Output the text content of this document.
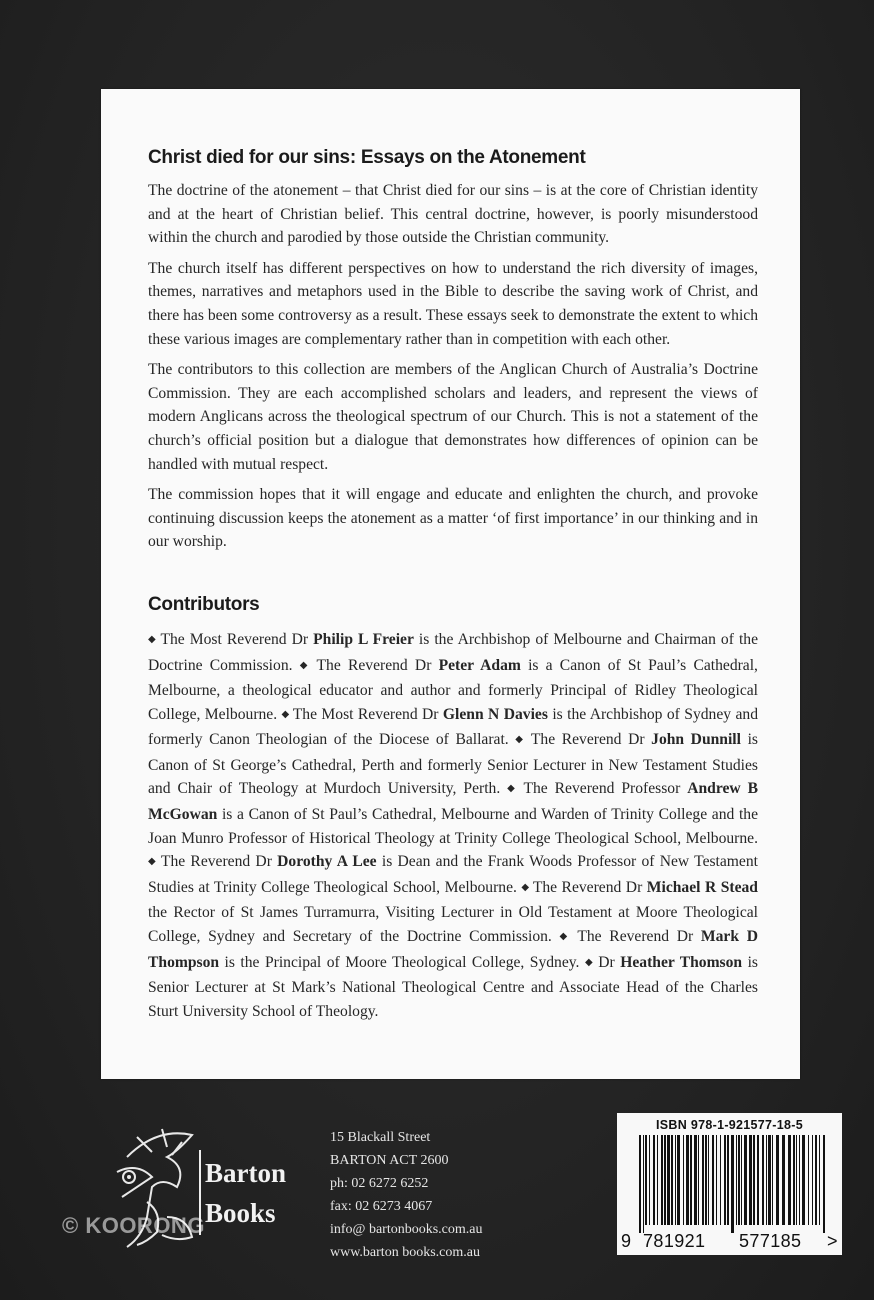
Christ died for our sins: Essays on the Atonement

The doctrine of the atonement – that Christ died for our sins – is at the core of Christian identity and at the heart of Christian belief. This central doctrine, however, is poorly misunderstood within the church and parodied by those outside the Christian community.

The church itself has different perspectives on how to understand the rich diversity of images, themes, narratives and metaphors used in the Bible to describe the saving work of Christ, and there has been some controversy as a result. These essays seek to demonstrate the extent to which these various images are complementary rather than in competition with each other.

The contributors to this collection are members of the Anglican Church of Australia’s Doctrine Commission. They are each accomplished scholars and leaders, and represent the views of modern Anglicans across the theological spectrum of our Church. This is not a statement of the church’s official position but a dialogue that demonstrates how differences of opinion can be handled with mutual respect.

The commission hopes that it will engage and educate and enlighten the church, and provoke continuing discussion keeps the atonement as a matter ‘of first importance’ in our thinking and in our worship.

Contributors
◆ The Most Reverend Dr Philip L Freier is the Archbishop of Melbourne and Chairman of the Doctrine Commission. ◆ The Reverend Dr Peter Adam is a Canon of St Paul’s Cathedral, Melbourne, a theological educator and author and formerly Principal of Ridley Theological College, Melbourne. ◆ The Most Reverend Dr Glenn N Davies is the Archbishop of Sydney and formerly Canon Theologian of the Diocese of Ballarat. ◆ The Reverend Dr John Dunnill is Canon of St George’s Cathedral, Perth and formerly Senior Lecturer in New Testament Studies and Chair of Theology at Murdoch University, Perth. ◆ The Reverend Professor Andrew B McGowan is a Canon of St Paul’s Cathedral, Melbourne and Warden of Trinity College and the Joan Munro Professor of Historical Theology at Trinity College Theological School, Melbourne. ◆ The Reverend Dr Dorothy A Lee is Dean and the Frank Woods Professor of New Testament Studies at Trinity College Theological School, Melbourne. ◆ The Reverend Dr Michael R Stead the Rector of St James Turramurra, Visiting Lecturer in Old Testament at Moore Theological College, Sydney and Secretary of the Doctrine Commission. ◆ The Reverend Dr Mark D Thompson is the Principal of Moore Theological College, Sydney. ◆ Dr Heather Thomson is Senior Lecturer at St Mark’s National Theological Centre and Associate Head of the Charles Sturt University School of Theology.
Barton
Books
15 Blackall Street
BARTON ACT 2600
ph: 02 6272 6252
fax: 02 6273 4067
info@ bartonbooks.com.au
www.barton books.com.au
ISBN 978-1-921577-18-5
9 781921 577185 >
© KOORONG
